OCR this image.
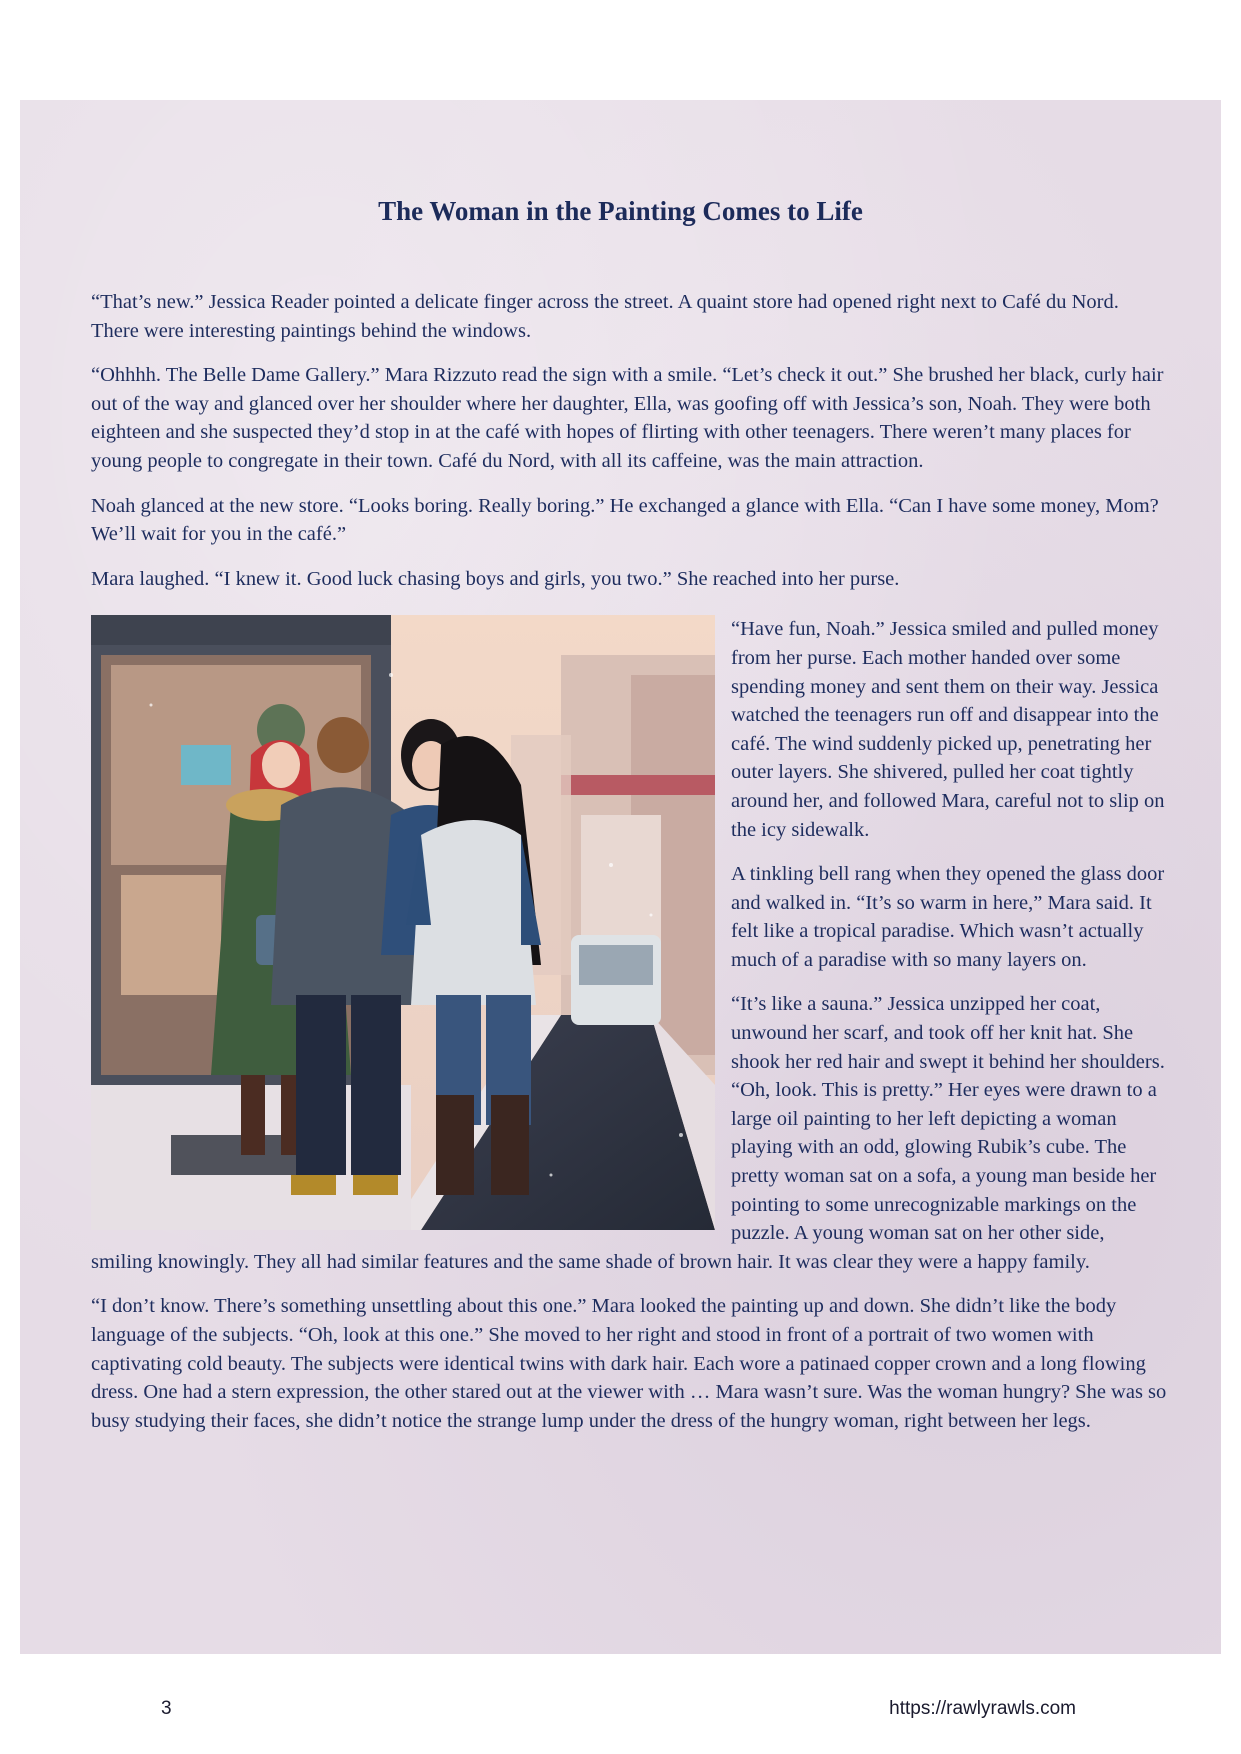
The Woman in the Painting Comes to Life

“That’s new.” Jessica Reader pointed a delicate finger across the street. A quaint store had opened right next to Café du Nord. There were interesting paintings behind the windows.

“Ohhhh. The Belle Dame Gallery.” Mara Rizzuto read the sign with a smile. “Let’s check it out.” She brushed her black, curly hair out of the way and glanced over her shoulder where her daughter, Ella, was goofing off with Jessica’s son, Noah. They were both eighteen and she suspected they’d stop in at the café with hopes of flirting with other teenagers. There weren’t many places for young people to congregate in their town. Café du Nord, with all its caffeine, was the main attraction.

Noah glanced at the new store. “Looks boring. Really boring.” He exchanged a glance with Ella. “Can I have some money, Mom? We’ll wait for you in the café.”

Mara laughed. “I knew it. Good luck chasing boys and girls, you two.” She reached into her purse.

“Have fun, Noah.” Jessica smiled and pulled money from her purse. Each mother handed over some spending money and sent them on their way. Jessica watched the teenagers run off and disappear into the café. The wind suddenly picked up, penetrating her outer layers. She shivered, pulled her coat tightly around her, and followed Mara, careful not to slip on the icy sidewalk.

A tinkling bell rang when they opened the glass door and walked in. “It’s so warm in here,” Mara said. It felt like a tropical paradise. Which wasn’t actually much of a paradise with so many layers on.

“It’s like a sauna.” Jessica unzipped her coat, unwound her scarf, and took off her knit hat. She shook her red hair and swept it behind her shoulders. “Oh, look. This is pretty.” Her eyes were drawn to a large oil painting to her left depicting a woman playing with an odd, glowing Rubik’s cube. The pretty woman sat on a sofa, a young man beside her pointing to some unrecognizable markings on the puzzle. A young woman sat on her other side, smiling knowingly. They all had similar features and the same shade of brown hair. It was clear they were a happy family.

“I don’t know. There’s something unsettling about this one.” Mara looked the painting up and down. She didn’t like the body language of the subjects. “Oh, look at this one.” She moved to her right and stood in front of a portrait of two women with captivating cold beauty. The subjects were identical twins with dark hair. Each wore a patinaed copper crown and a long flowing dress. One had a stern expression, the other stared out at the viewer with … Mara wasn’t sure. Was the woman hungry? She was so busy studying their faces, she didn’t notice the strange lump under the dress of the hungry woman, right between her legs.

3	https://rawlyrawls.com
